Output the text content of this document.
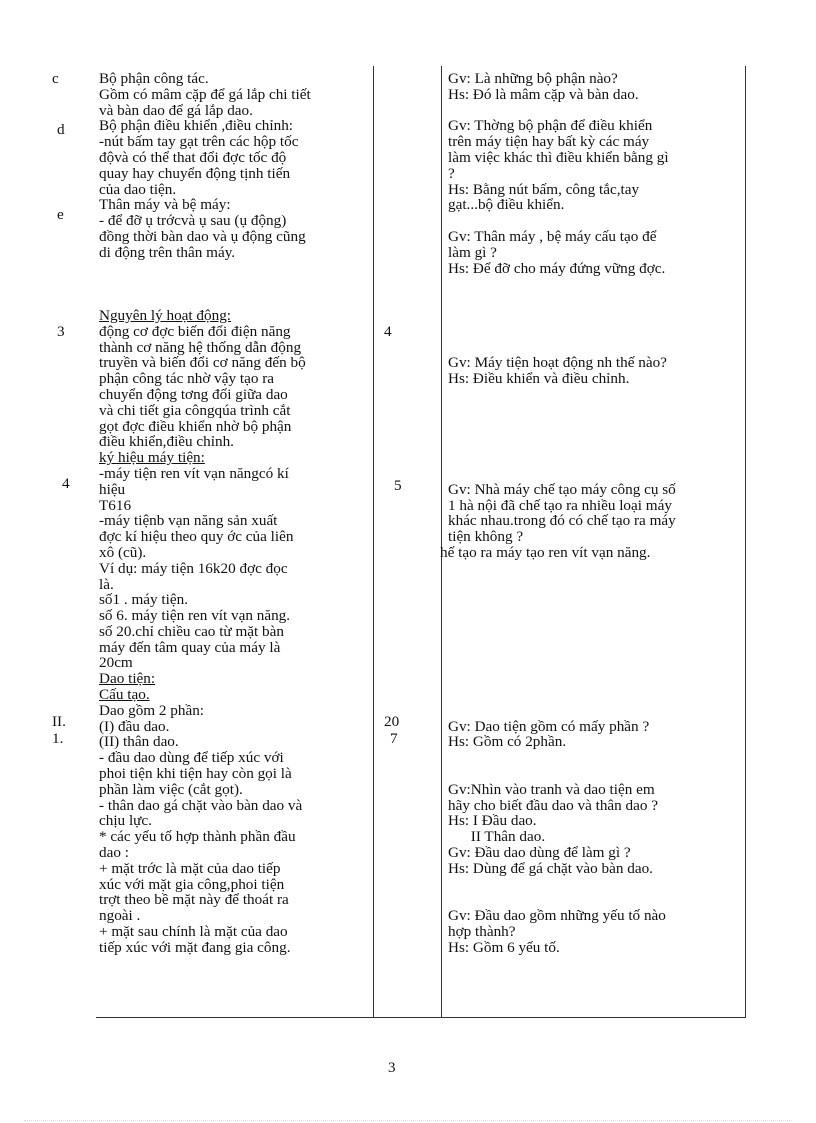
c
d
e
3
4
II.
1.
Bộ phận công tác.
Gồm có mâm cặp để gá lắp chi tiết
và bàn dao để gá lắp dao.
Bộ phận điều khiển ,điều chỉnh:
-nút bấm tay gạt trên các hộp tốc
độvà có thể that đổi đợc tốc độ
quay hay chuyển động tịnh tiến
của dao tiện.
Thân máy và bệ máy:
- để đỡ ụ trớcvà ụ sau (ụ động)
đồng thời bàn dao và ụ động cũng
di động trên thân máy.
Nguyên lý hoạt động:
động cơ đợc biến đổi điện năng
thành cơ năng hệ thống dẫn động
truyền và biến đổi cơ năng đến bộ
phận công tác nhờ vậy tạo ra
chuyển động tơng đối giữa dao
và chi tiết gia côngqúa trình cắt
gọt đợc điều khiển nhờ bộ phận
điều khiển,điều chỉnh.
ký hiệu máy tiện:
-máy tiện ren vít vạn năngcó kí
hiệu
T616
-máy tiệnb vạn năng sản xuất
đợc kí hiệu theo quy ớc của liên
xô (cũ).
Ví dụ: máy tiện 16k20 đợc đọc
là.
số1 . máy tiện.
số 6. máy tiện ren vít vạn năng.
số 20.chỉ chiều cao từ mặt bàn
máy đến tâm quay của máy là
20cm
Dao tiện:
Cấu tạo.
Dao gồm 2 phần:
(I) đầu dao.
(II) thân dao.
- đầu dao dùng để tiếp xúc với
phoi tiện khi tiện hay còn gọi là
phần làm việc (cắt gọt).
- thân dao gá chặt vào bàn dao và
chịu lực.
* các yếu tố hợp thành phần đầu
dao :
+ mặt trớc là mặt của dao tiếp
xúc với mặt gia công,phoi tiện
trợt theo bề mặt này để thoát ra
ngoài .
+ mặt sau chính là mặt của dao
tiếp xúc với mặt đang gia công.
4
5
20
7
Gv: Là những bộ phận nào?
Hs: Đó là mâm cặp và bàn dao.
Gv: Thờng bộ phận để điều khiển
trên máy tiện hay bất kỳ các máy
làm việc khác thì điều khiển bằng gì
?
Hs: Bằng nút bấm, công tắc,tay
gạt...bộ điều khiển.
Gv: Thân máy , bệ máy cấu tạo để
làm gì ?
Hs: Để đỡ cho máy đứng vững đợc.
Gv: Máy tiện hoạt động nh thế nào?
Hs: Điều khiển và điều chỉnh.
Gv: Nhà máy chế tạo máy công cụ số
1 hà nội đã chế tạo ra nhiều loại máy
khác nhau.trong đó có chế tạo ra máy
tiện không ?
hế tạo ra máy tạo ren vít vạn năng.
Gv: Dao tiện gồm có mấy phần ?
Hs: Gồm có 2phần.
Gv:Nhìn vào tranh và dao tiện em
hãy cho biết đầu dao và thân dao ?
Hs: I Đầu dao.
II Thân dao.
Gv: Đầu dao dùng để làm gì ?
Hs: Dùng để gá chặt vào bàn dao.
Gv: Đầu dao gồm những yếu tố nào
hợp thành?
Hs: Gồm 6 yếu tố.
3
